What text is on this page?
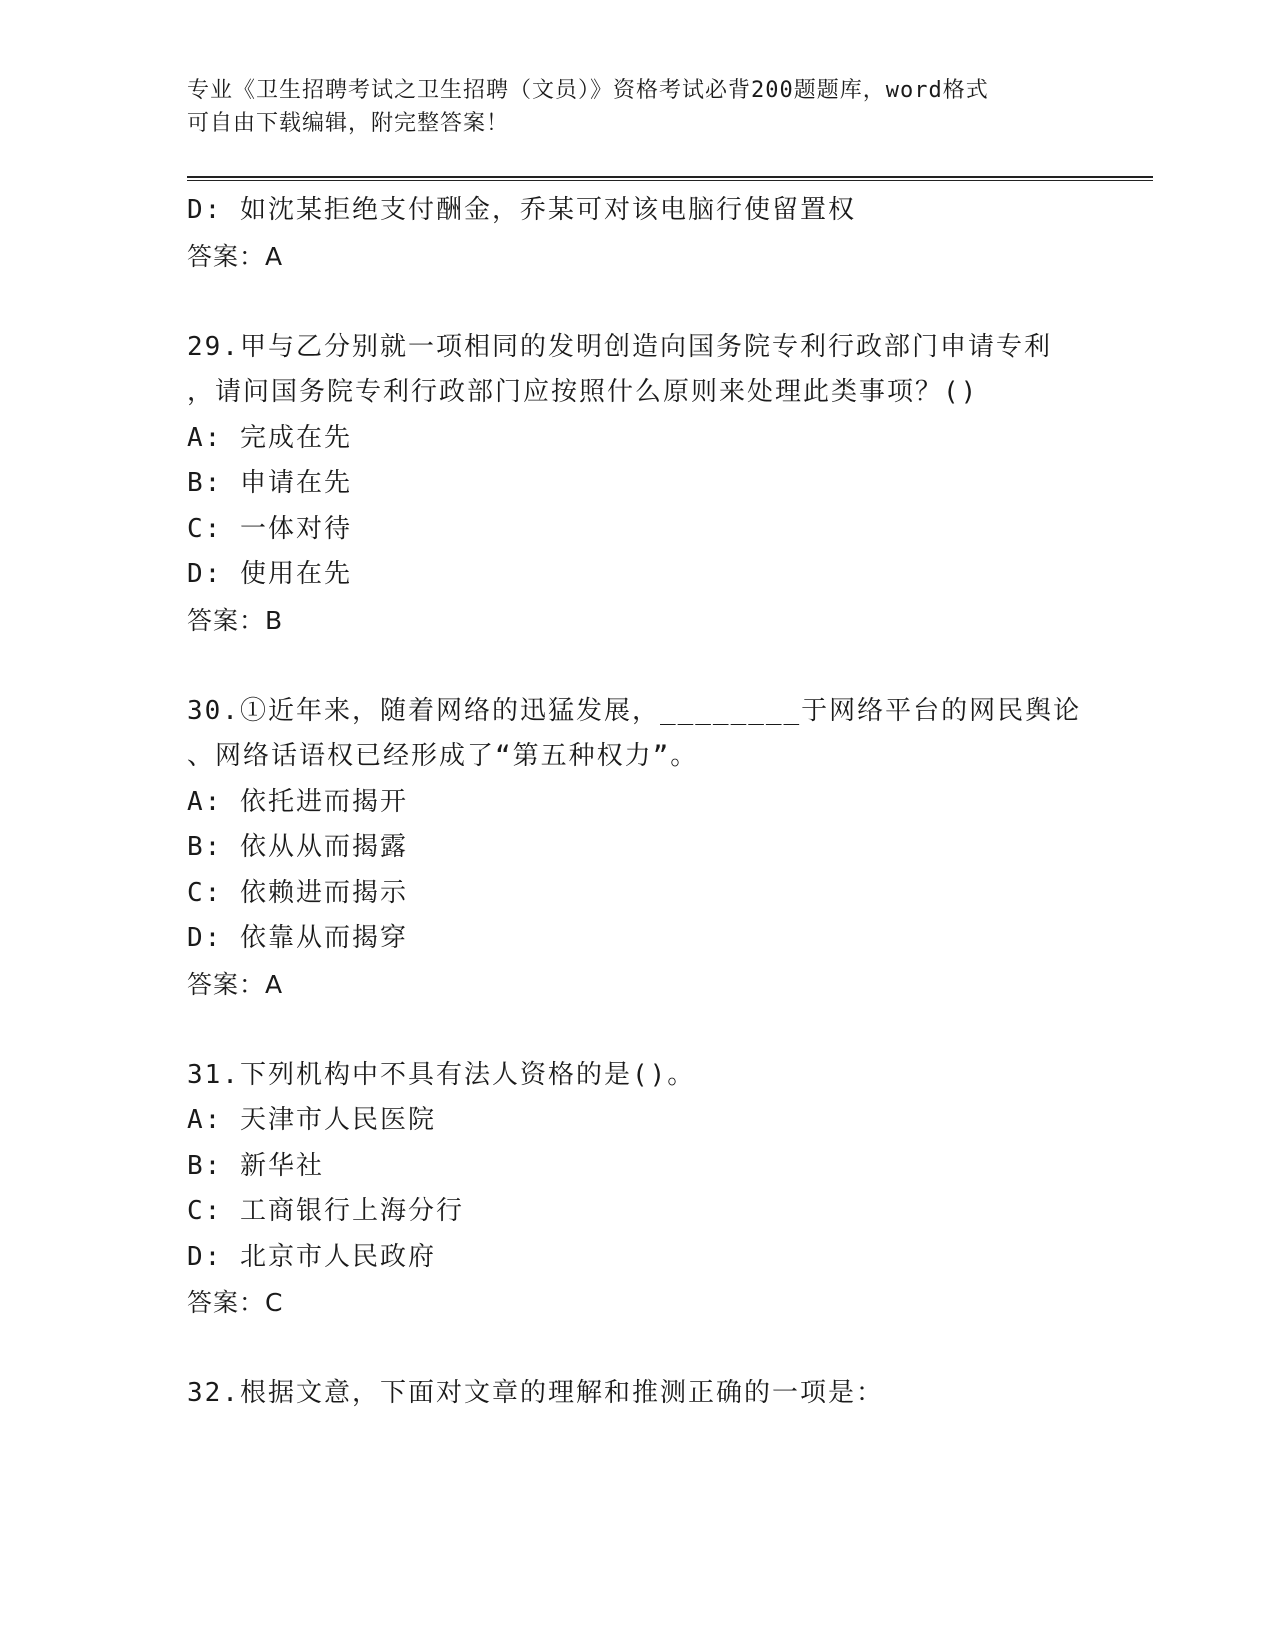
专业《卫生招聘考试之卫生招聘（文员）》资格考试必背200题题库，word格式
可自由下载编辑，附完整答案！
D: 如沈某拒绝支付酬金，乔某可对该电脑行使留置权
答案：A
29.甲与乙分别就一项相同的发明创造向国务院专利行政部门申请专利
，请问国务院专利行政部门应按照什么原则来处理此类事项？()
A: 完成在先
B: 申请在先
C: 一体对待
D: 使用在先
答案：B
30.①近年来，随着网络的迅猛发展，________于网络平台的网民舆论
、网络话语权已经形成了“第五种权力”。
A: 依托进而揭开
B: 依从从而揭露
C: 依赖进而揭示
D: 依靠从而揭穿
答案：A
31.下列机构中不具有法人资格的是()。
A: 天津市人民医院
B: 新华社
C: 工商银行上海分行
D: 北京市人民政府
答案：C
32.根据文意，下面对文章的理解和推测正确的一项是：
